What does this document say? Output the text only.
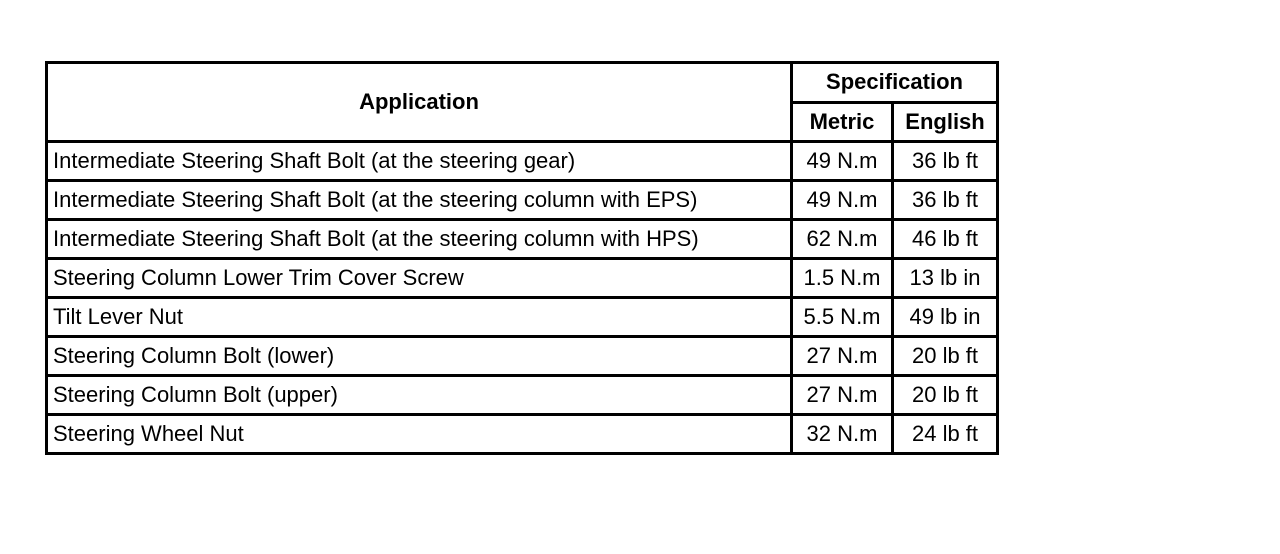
Application	Specification	
	Metric	English
Intermediate Steering Shaft Bolt (at the steering gear)	49 N.m	36 lb ft
Intermediate Steering Shaft Bolt (at the steering column with EPS)	49 N.m	36 lb ft
Intermediate Steering Shaft Bolt (at the steering column with HPS)	62 N.m	46 lb ft
Steering Column Lower Trim Cover Screw	1.5 N.m	13 lb in
Tilt Lever Nut	5.5 N.m	49 lb in
Steering Column Bolt (lower)	27 N.m	20 lb ft
Steering Column Bolt (upper)	27 N.m	20 lb ft
Steering Wheel Nut	32 N.m	24 lb ft
